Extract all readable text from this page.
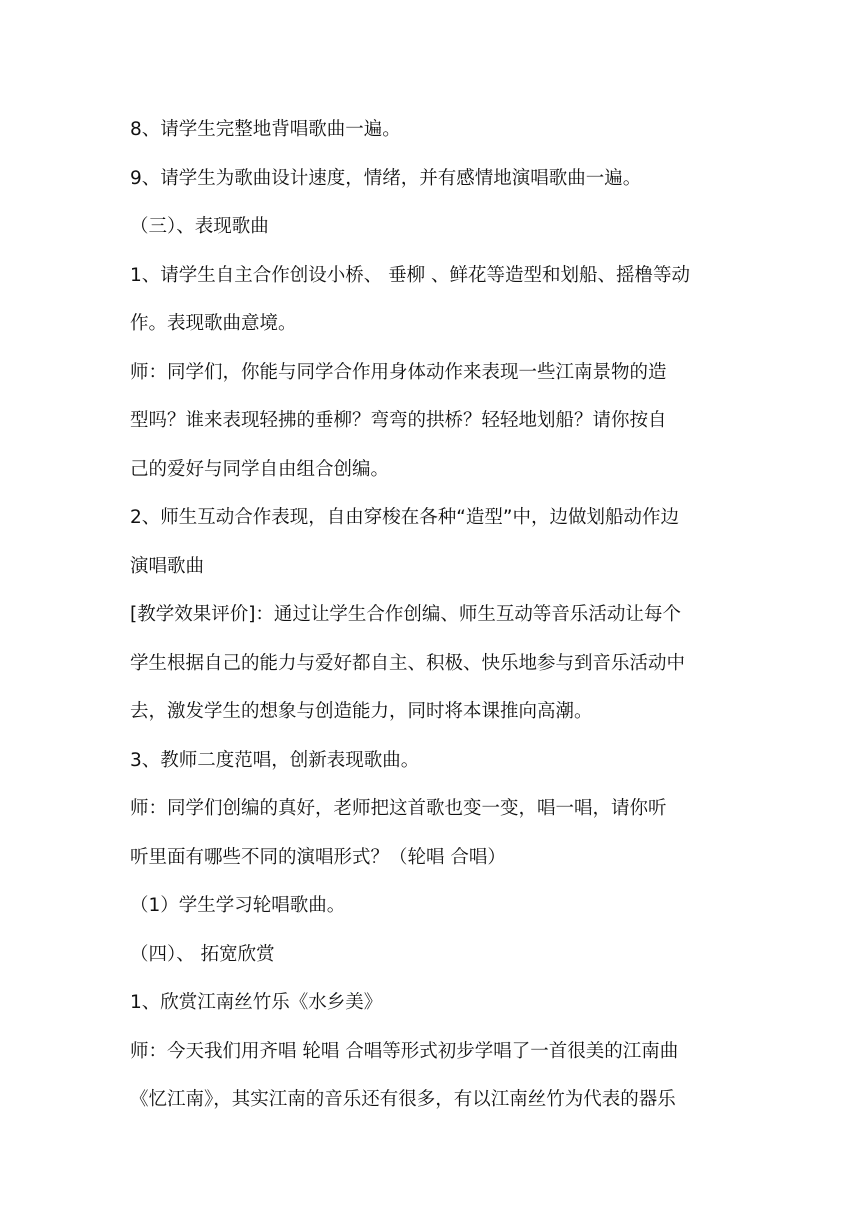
8、请学生完整地背唱歌曲一遍。

9、请学生为歌曲设计速度，情绪，并有感情地演唱歌曲一遍。

（三）、表现歌曲

1、请学生自主合作创设小桥、 垂柳 、鲜花等造型和划船、摇橹等动
作。表现歌曲意境。

师：同学们，你能与同学合作用身体动作来表现一些江南景物的造
型吗？谁来表现轻拂的垂柳？弯弯的拱桥？轻轻地划船？请你按自
己的爱好与同学自由组合创编。

2、师生互动合作表现，自由穿梭在各种“造型”中，边做划船动作边
演唱歌曲

[教学效果评价]：通过让学生合作创编、师生互动等音乐活动让每个
学生根据自己的能力与爱好都自主、积极、快乐地参与到音乐活动中
去，激发学生的想象与创造能力，同时将本课推向高潮。

3、教师二度范唱，创新表现歌曲。

师：同学们创编的真好，老师把这首歌也变一变，唱一唱，请你听
听里面有哪些不同的演唱形式？（轮唱 合唱）

（1）学生学习轮唱歌曲。

（四）、 拓宽欣赏

1、欣赏江南丝竹乐《水乡美》

师：今天我们用齐唱 轮唱 合唱等形式初步学唱了一首很美的江南曲
《忆江南》，其实江南的音乐还有很多，有以江南丝竹为代表的器乐
